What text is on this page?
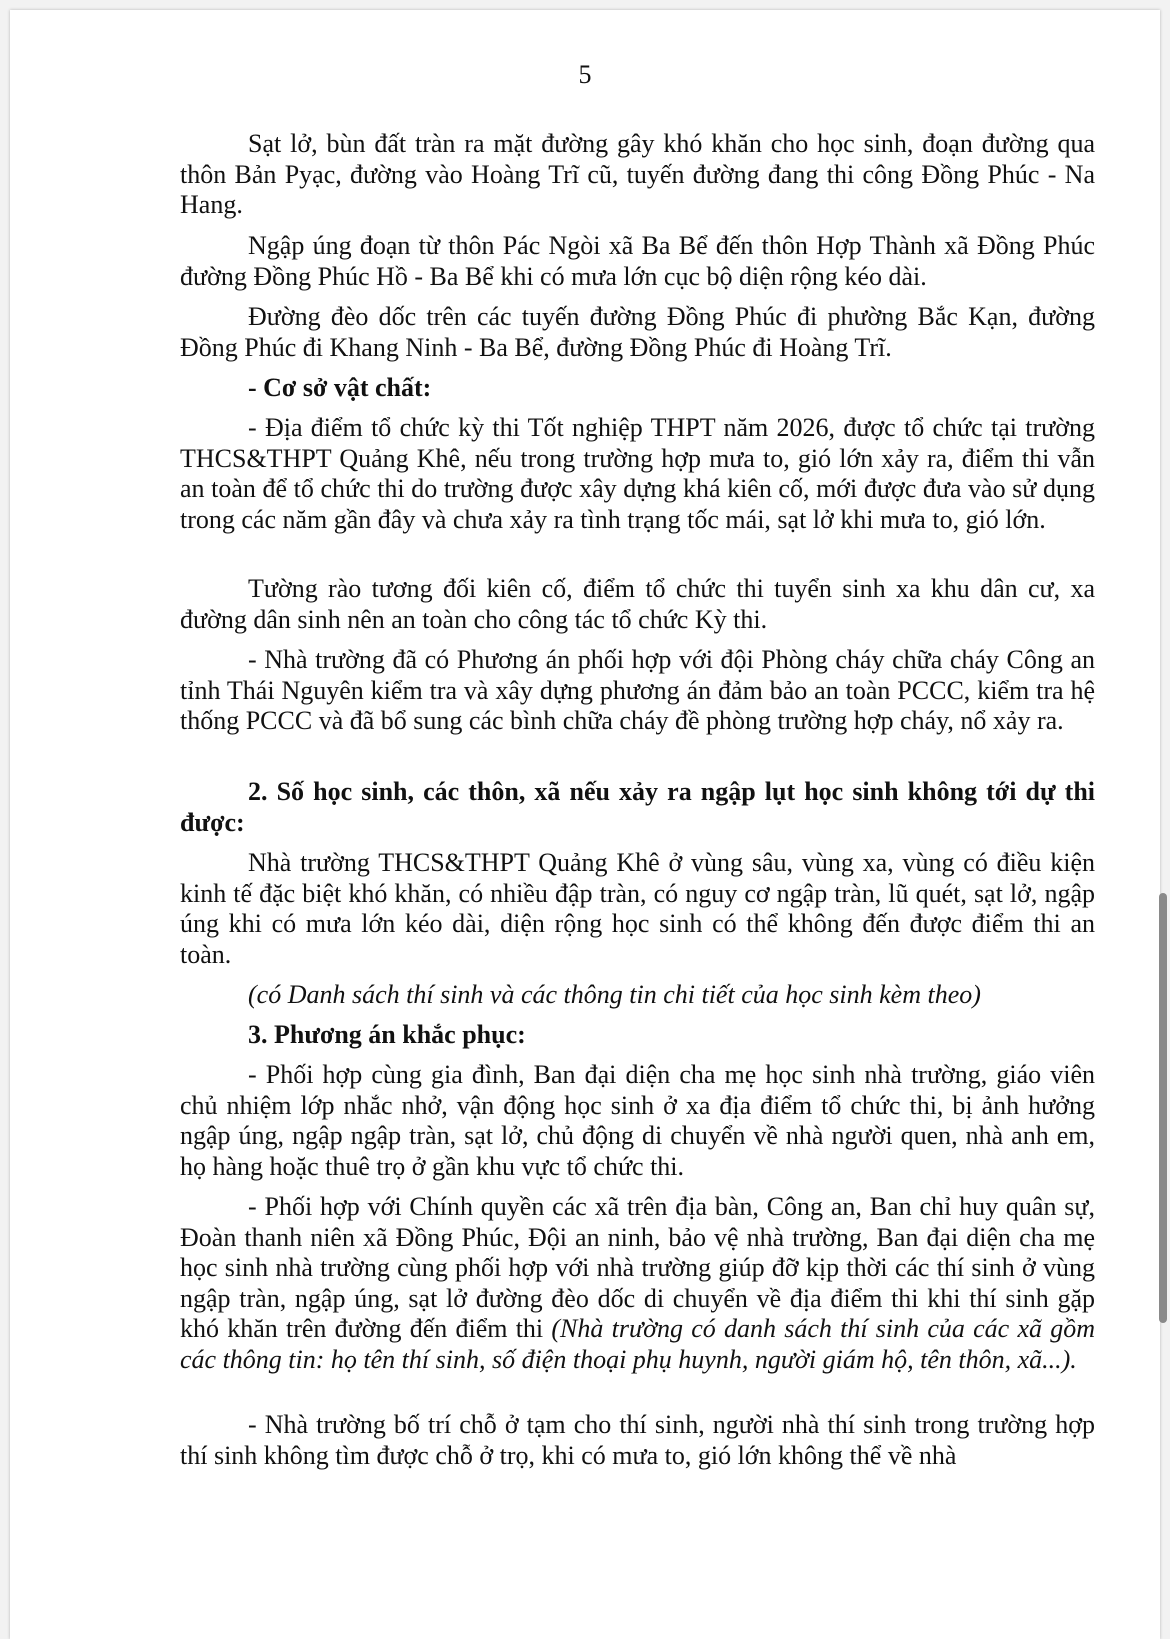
5

Sạt lở, bùn đất tràn ra mặt đường gây khó khăn cho học sinh, đoạn đường qua thôn Bản Pyạc, đường vào Hoàng Trĩ cũ, tuyến đường đang thi công Đồng Phúc - Na Hang.

Ngập úng đoạn từ thôn Pác Ngòi xã Ba Bể đến thôn Hợp Thành xã Đồng Phúc đường Đồng Phúc Hồ - Ba Bể khi có mưa lớn cục bộ diện rộng kéo dài.

Đường đèo dốc trên các tuyến đường Đồng Phúc đi phường Bắc Kạn, đường Đồng Phúc đi Khang Ninh - Ba Bể, đường Đồng Phúc đi Hoàng Trĩ.

- Cơ sở vật chất:

- Địa điểm tổ chức kỳ thi Tốt nghiệp THPT năm 2026, được tổ chức tại trường THCS&THPT Quảng Khê, nếu trong trường hợp mưa to, gió lớn xảy ra, điểm thi vẫn an toàn để tổ chức thi do trường được xây dựng khá kiên cố, mới được đưa vào sử dụng trong các năm gần đây và chưa xảy ra tình trạng tốc mái, sạt lở khi mưa to, gió lớn.

Tường rào tương đối kiên cố, điểm tổ chức thi tuyển sinh xa khu dân cư, xa đường dân sinh nên an toàn cho công tác tổ chức Kỳ thi.

- Nhà trường đã có Phương án phối hợp với đội Phòng cháy chữa cháy Công an tỉnh Thái Nguyên kiểm tra và xây dựng phương án đảm bảo an toàn PCCC, kiểm tra hệ thống PCCC và đã bổ sung các bình chữa cháy đề phòng trường hợp cháy, nổ xảy ra.

2. Số học sinh, các thôn, xã nếu xảy ra ngập lụt học sinh không tới dự thi được:

Nhà trường THCS&THPT Quảng Khê ở vùng sâu, vùng xa, vùng có điều kiện kinh tế đặc biệt khó khăn, có nhiều đập tràn, có nguy cơ ngập tràn, lũ quét, sạt lở, ngập úng khi có mưa lớn kéo dài, diện rộng học sinh có thể không đến được điểm thi an toàn.

(có Danh sách thí sinh và các thông tin chi tiết của học sinh kèm theo)

3. Phương án khắc phục:

- Phối hợp cùng gia đình, Ban đại diện cha mẹ học sinh nhà trường, giáo viên chủ nhiệm lớp nhắc nhở, vận động học sinh ở xa địa điểm tổ chức thi, bị ảnh hưởng ngập úng, ngập ngập tràn, sạt lở, chủ động di chuyển về nhà người quen, nhà anh em, họ hàng hoặc thuê trọ ở gần khu vực tổ chức thi.

- Phối hợp với Chính quyền các xã trên địa bàn, Công an, Ban chỉ huy quân sự, Đoàn thanh niên xã Đồng Phúc, Đội an ninh, bảo vệ nhà trường, Ban đại diện cha mẹ học sinh nhà trường cùng phối hợp với nhà trường giúp đỡ kịp thời các thí sinh ở vùng ngập tràn, ngập úng, sạt lở đường đèo dốc di chuyển về địa điểm thi khi thí sinh gặp khó khăn trên đường đến điểm thi (Nhà trường có danh sách thí sinh của các xã gồm các thông tin: họ tên thí sinh, số điện thoại phụ huynh, người giám hộ, tên thôn, xã...).

- Nhà trường bố trí chỗ ở tạm cho thí sinh, người nhà thí sinh trong trường hợp thí sinh không tìm được chỗ ở trọ, khi có mưa to, gió lớn không thể về nhà
